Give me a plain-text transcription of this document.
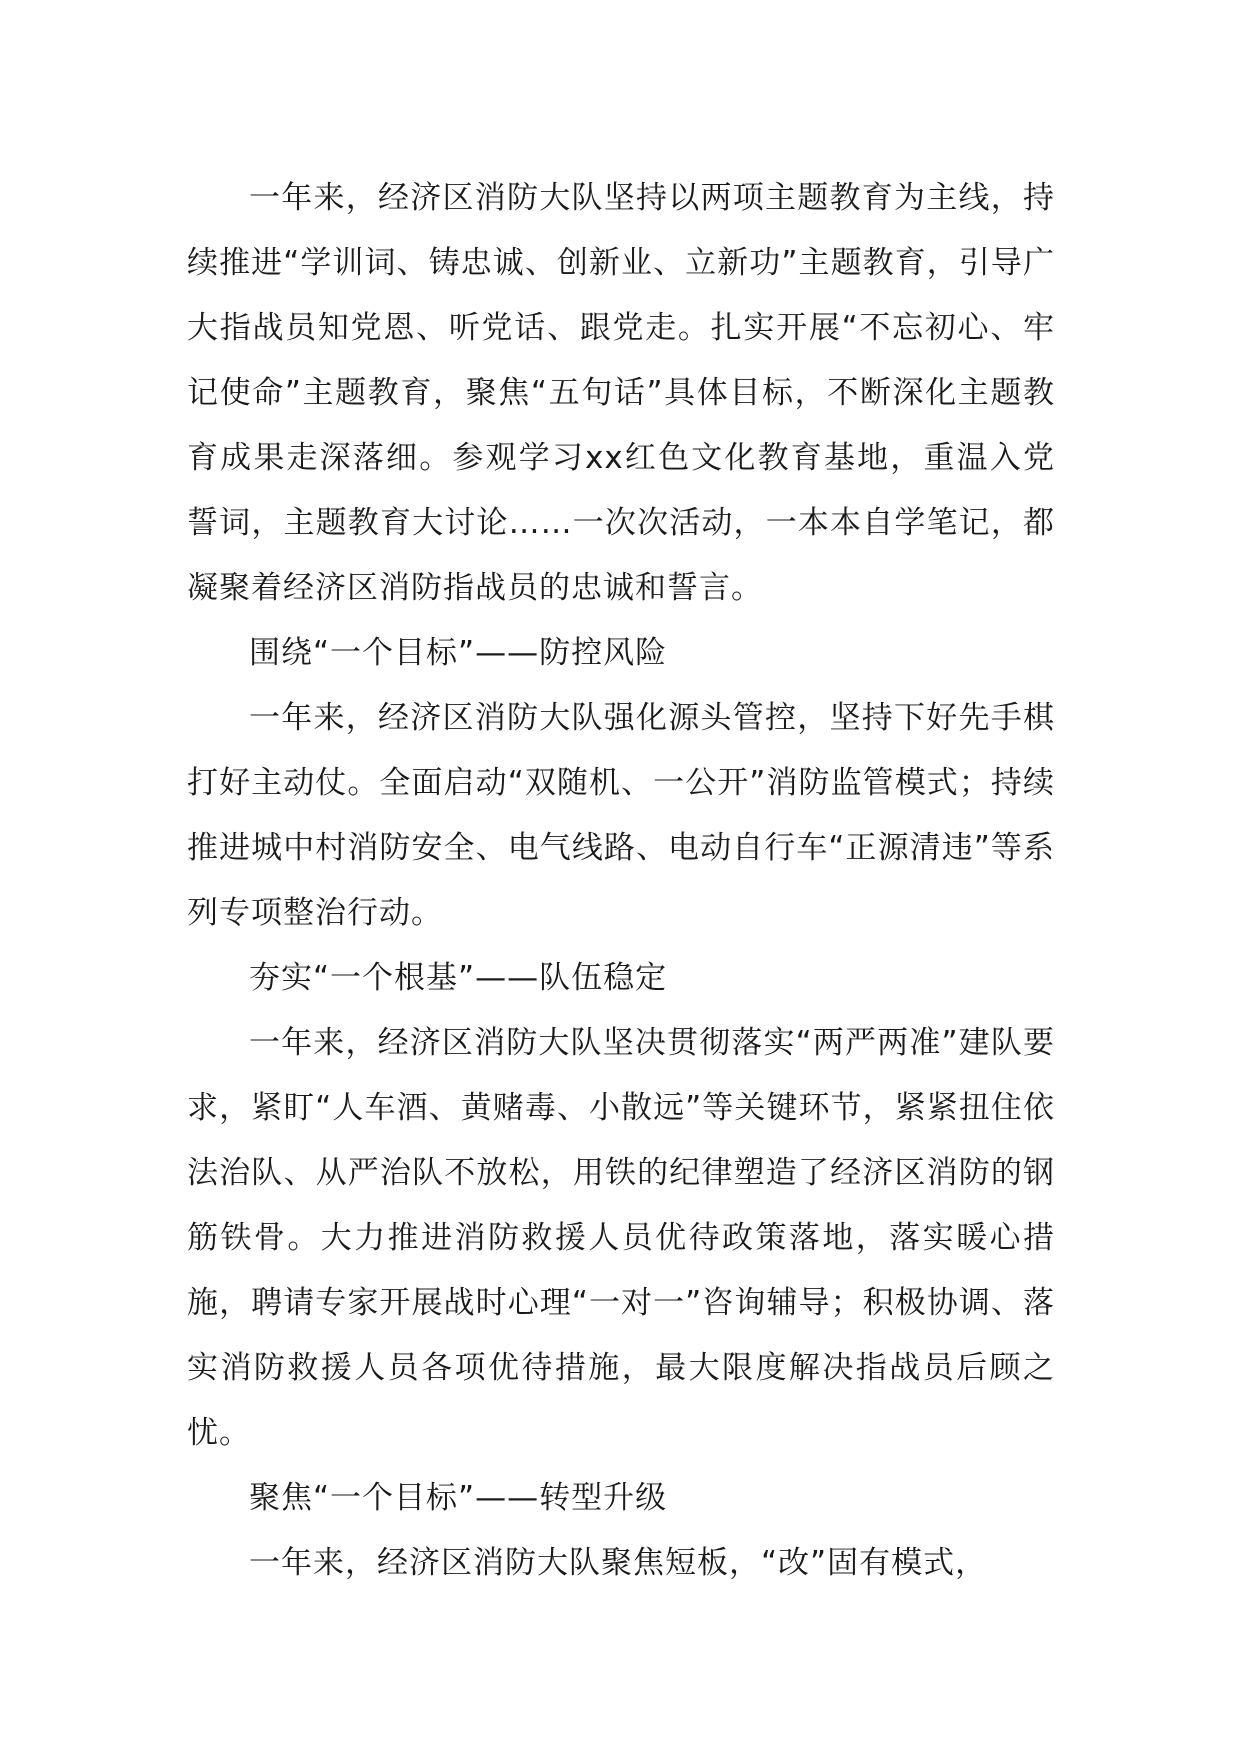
一年来，经济区消防大队坚持以两项主题教育为主线，持续推进“学训词、铸忠诚、创新业、立新功”主题教育，引导广大指战员知党恩、听党话、跟党走。扎实开展“不忘初心、牢记使命”主题教育，聚焦“五句话”具体目标，不断深化主题教育成果走深落细。参观学习xx红色文化教育基地，重温入党誓词，主题教育大讨论……一次次活动，一本本自学笔记，都凝聚着经济区消防指战员的忠诚和誓言。

围绕“一个目标”——防控风险

一年来，经济区消防大队强化源头管控，坚持下好先手棋打好主动仗。全面启动“双随机、一公开”消防监管模式；持续推进城中村消防安全、电气线路、电动自行车“正源清违”等系列专项整治行动。

夯实“一个根基”——队伍稳定

一年来，经济区消防大队坚决贯彻落实“两严两准”建队要求，紧盯“人车酒、黄赌毒、小散远”等关键环节，紧紧扭住依法治队、从严治队不放松，用铁的纪律塑造了经济区消防的钢筋铁骨。大力推进消防救援人员优待政策落地，落实暖心措施，聘请专家开展战时心理“一对一”咨询辅导；积极协调、落实消防救援人员各项优待措施，最大限度解决指战员后顾之忧。

聚焦“一个目标”——转型升级

一年来，经济区消防大队聚焦短板，“改”固有模式，
